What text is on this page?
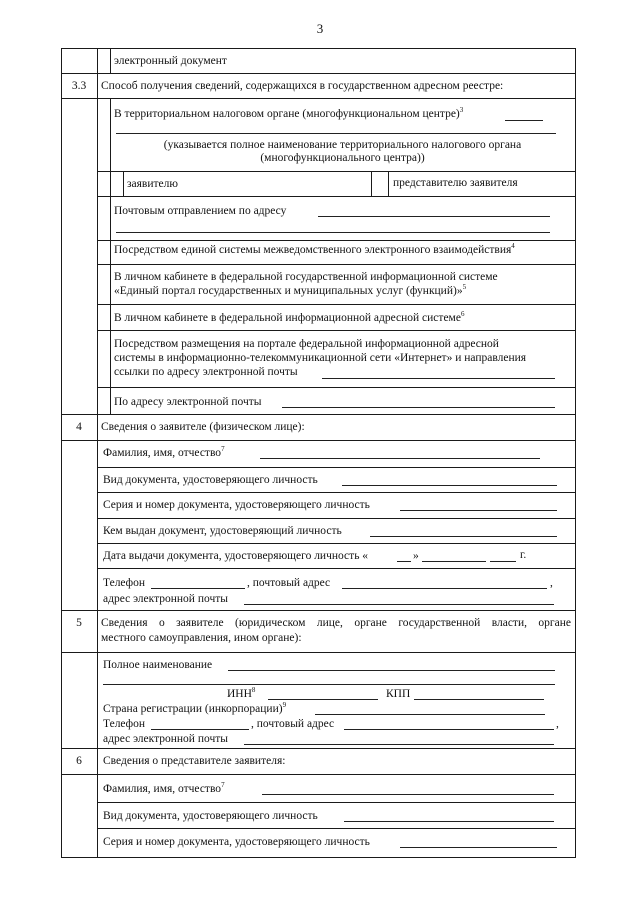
3
электронный документ
3.3	Способ получения сведений, содержащихся в государственном адресном реестре:
В территориальном налоговом органе (многофункциональном центре)$^3$
(указывается полное наименование территориального налогового органа
(многофункционального центра))
заявителю	представителю заявителя
Почтовым отправлением по адресу
Посредством единой системы межведомственного электронного взаимодействия$^4$
В личном кабинете в федеральной государственной информационной системе
«Единый портал государственных и муниципальных услуг (функций)»$^5$
В личном кабинете в федеральной информационной адресной системе$^6$
Посредством размещения на портале федеральной информационной адресной
системы в информационно-телекоммуникационной сети «Интернет» и направления
ссылки по адресу электронной почты
По адресу электронной почты
4	Сведения о заявителе (физическом лице):
Фамилия, имя, отчество$^7$
Вид документа, удостоверяющего личность
Серия и номер документа, удостоверяющего личность
Кем выдан документ, удостоверяющий личность
Дата выдачи документа, удостоверяющего личность «	»	г.
Телефон	, почтовый адрес	,
адрес электронной почты
5	Сведения о заявителе (юридическом лице, органе государственной власти, органе
местного самоуправления, ином органе):
Полное наименование
ИНН$^8$	КПП
Страна регистрации (инкорпорации)$^9$
Телефон	, почтовый адрес	,
адрес электронной почты
6	Сведения о представителе заявителя:
Фамилия, имя, отчество$^7$
Вид документа, удостоверяющего личность
Серия и номер документа, удостоверяющего личность
